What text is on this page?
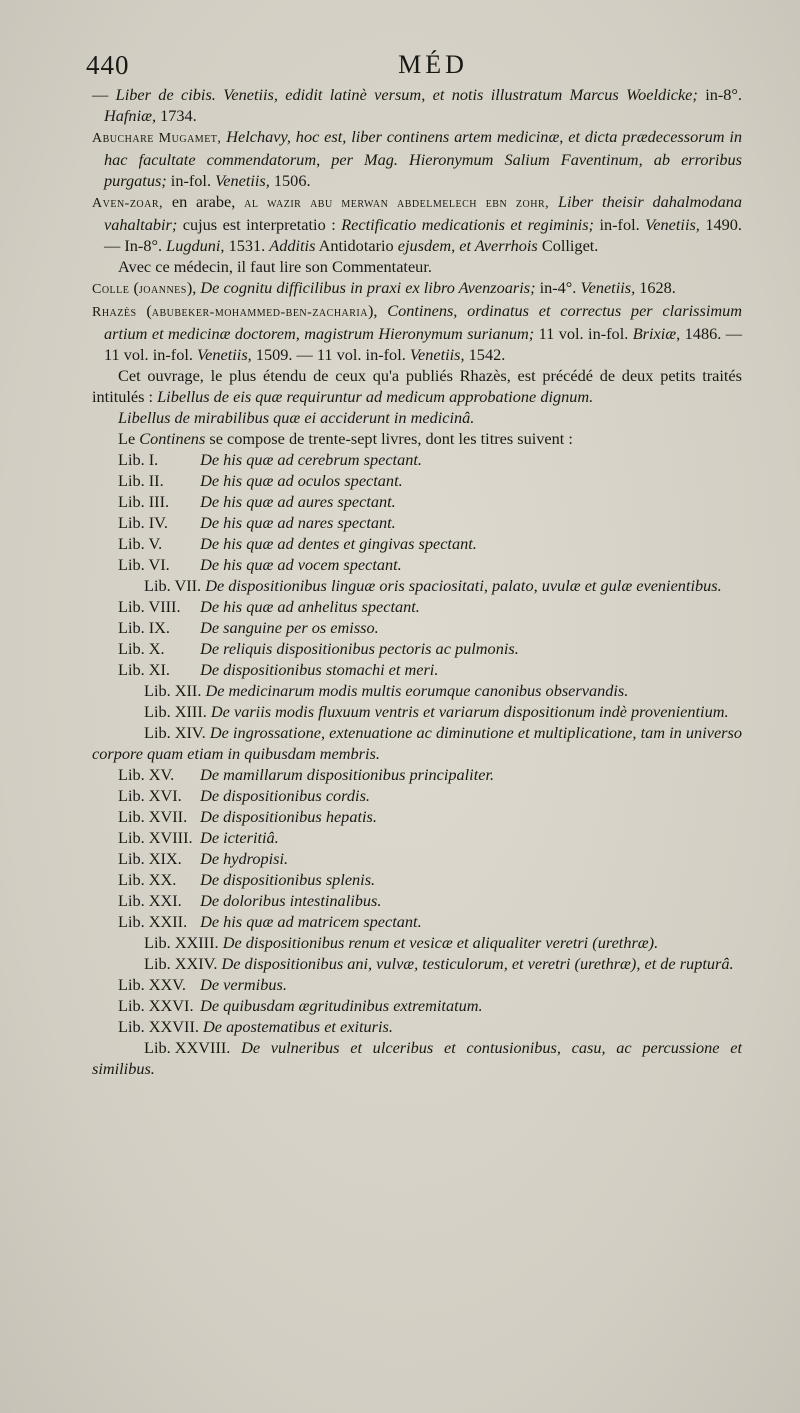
440	MÉD

— Liber de cibis. Venetiis, edidit latinè versum, et notis illustratum Marcus Woeldicke; in-8°. Hafniæ, 1734.

Abuchare Mugamet, Helchavy, hoc est, liber continens artem medicinæ, et dicta prædecessorum in hac facultate commendatorum, per Mag. Hieronymum Salium Faventinum, ab erroribus purgatus; in-fol. Venetiis, 1506.

Aven-zoar, en arabe, al wazir abu merwan abdelmelech ebn zohr, Liber theisir dahalmodana vahaltabir; cujus est interpretatio : Rectificatio medicationis et regiminis; in-fol. Venetiis, 1490. — In-8°. Lugduni, 1531. Additis Antidotario ejusdem, et Averrhois Colliget.

Avec ce médecin, il faut lire son Commentateur.

Colle (joannes), De cognitu difficilibus in praxi ex libro Avenzoaris; in-4°. Venetiis, 1628.

Rhazès (abubeker-mohammed-ben-zacharia), Continens, ordinatus et correctus per clarissimum artium et medicinæ doctorem, magistrum Hieronymum surianum; 11 vol. in-fol. Brixiæ, 1486. — 11 vol. in-fol. Venetiis, 1509. — 11 vol. in-fol. Venetiis, 1542.

Cet ouvrage, le plus étendu de ceux qu'a publiés Rhazès, est précédé de deux petits traités intitulés : Libellus de eis quæ requiruntur ad medicum approbatione dignum.

Libellus de mirabilibus quæ ei acciderunt in medicinâ.

Le Continens se compose de trente-sept livres, dont les titres suivent :

Lib. I.	De his quæ ad cerebrum spectant.

Lib. II. De his quæ ad oculos spectant.

Lib. III. De his quæ ad aures spectant.

Lib. IV. De his quæ ad nares spectant.

Lib. V. De his quæ ad dentes et gingivas spectant.

Lib. VI. De his quæ ad vocem spectant.

Lib. VII. De dispositionibus linguæ oris spaciositati, palato, uvulæ et gulæ evenientibus.

Lib. VIII. De his quæ ad anhelitus spectant.

Lib. IX. De sanguine per os emisso.

Lib. X. De reliquis dispositionibus pectoris ac pulmonis.

Lib. XI. De dispositionibus stomachi et meri.

Lib. XII. De medicinarum modis multis eorumque canonibus observandis.

Lib. XIII. De variis modis fluxuum ventris et variarum dispositionum indè provenientium.

Lib. XIV. De ingrossatione, extenuatione ac diminutione et multiplicatione, tam in universo corpore quam etiam in quibusdam membris.

Lib. XV. De mamillarum dispositionibus principaliter.

Lib. XVI. De dispositionibus cordis.

Lib. XVII. De dispositionibus hepatis.

Lib. XVIII. De icteritiâ.

Lib. XIX. De hydropisi.

Lib. XX. De dispositionibus splenis.

Lib. XXI. De doloribus intestinalibus.

Lib. XXII. De his quæ ad matricem spectant.

Lib. XXIII. De dispositionibus renum et vesicæ et aliqualiter veretri (urethræ).

Lib. XXIV. De dispositionibus ani, vulvæ, testiculorum, et veretri (urethræ), et de rupturâ.

Lib. XXV. De vermibus.

Lib. XXVI. De quibusdam ægritudinibus extremitatum.

Lib. XXVII. De apostematibus et exituris.

Lib. XXVIII. De vulneribus et ulceribus et contusionibus, casu, ac percussione et similibus.
